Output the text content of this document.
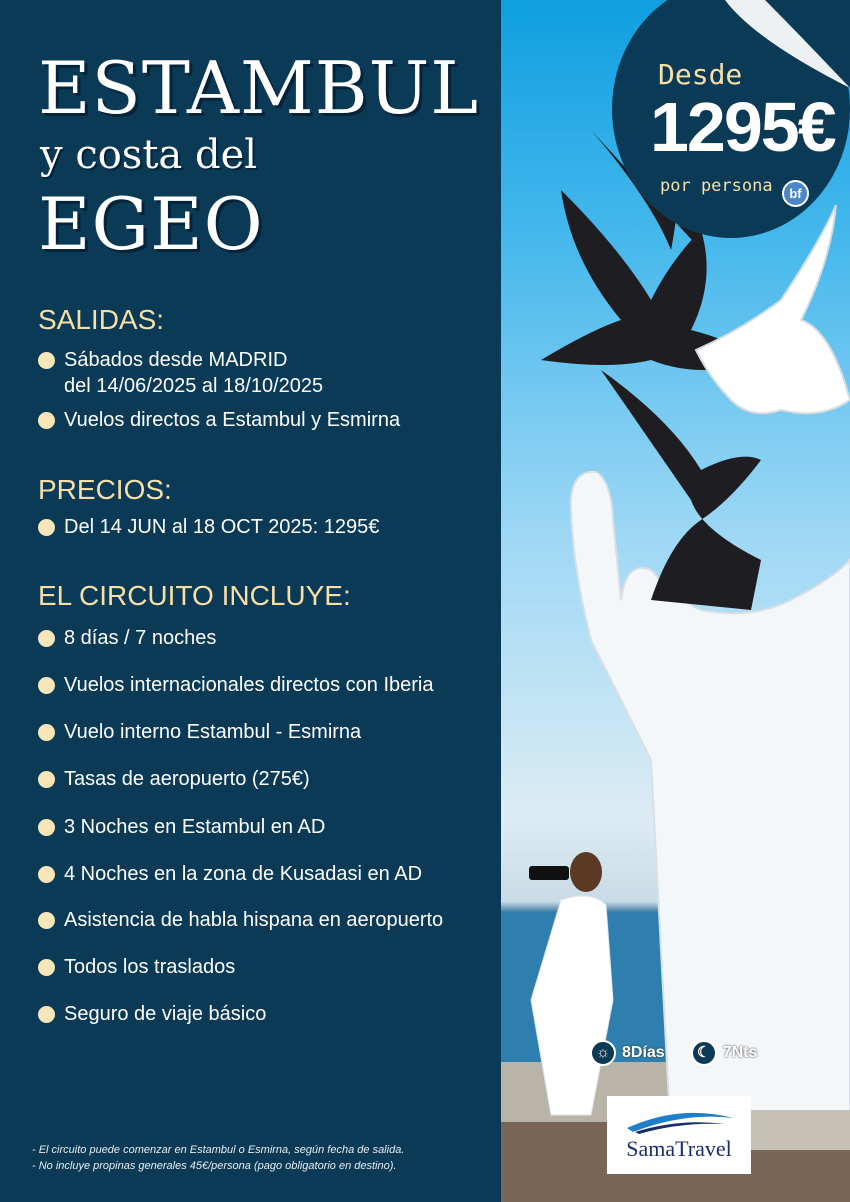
ESTAMBUL
y costa del
EGEO
SALIDAS:
Sábados desde MADRID
del 14/06/2025 al 18/10/2025
Vuelos directos a Estambul y Esmirna
PRECIOS:
Del 14 JUN al 18 OCT 2025: 1295€
EL CIRCUITO INCLUYE:
8 días / 7 noches
Vuelos internacionales directos con Iberia
Vuelo interno Estambul - Esmirna
Tasas de aeropuerto (275€)
3 Noches en Estambul en AD
4 Noches en la zona de Kusadasi en AD
Asistencia de habla hispana en aeropuerto
Todos los traslados
Seguro de viaje básico
- El circuito puede comenzar en Estambul o Esmirna, según fecha de salida.
- No incluye propinas generales 45€/persona (pago obligatorio en destino).
Desde
1295€
por persona	bf
☼ 8Días	☾ 7Nts
SamaTravel
